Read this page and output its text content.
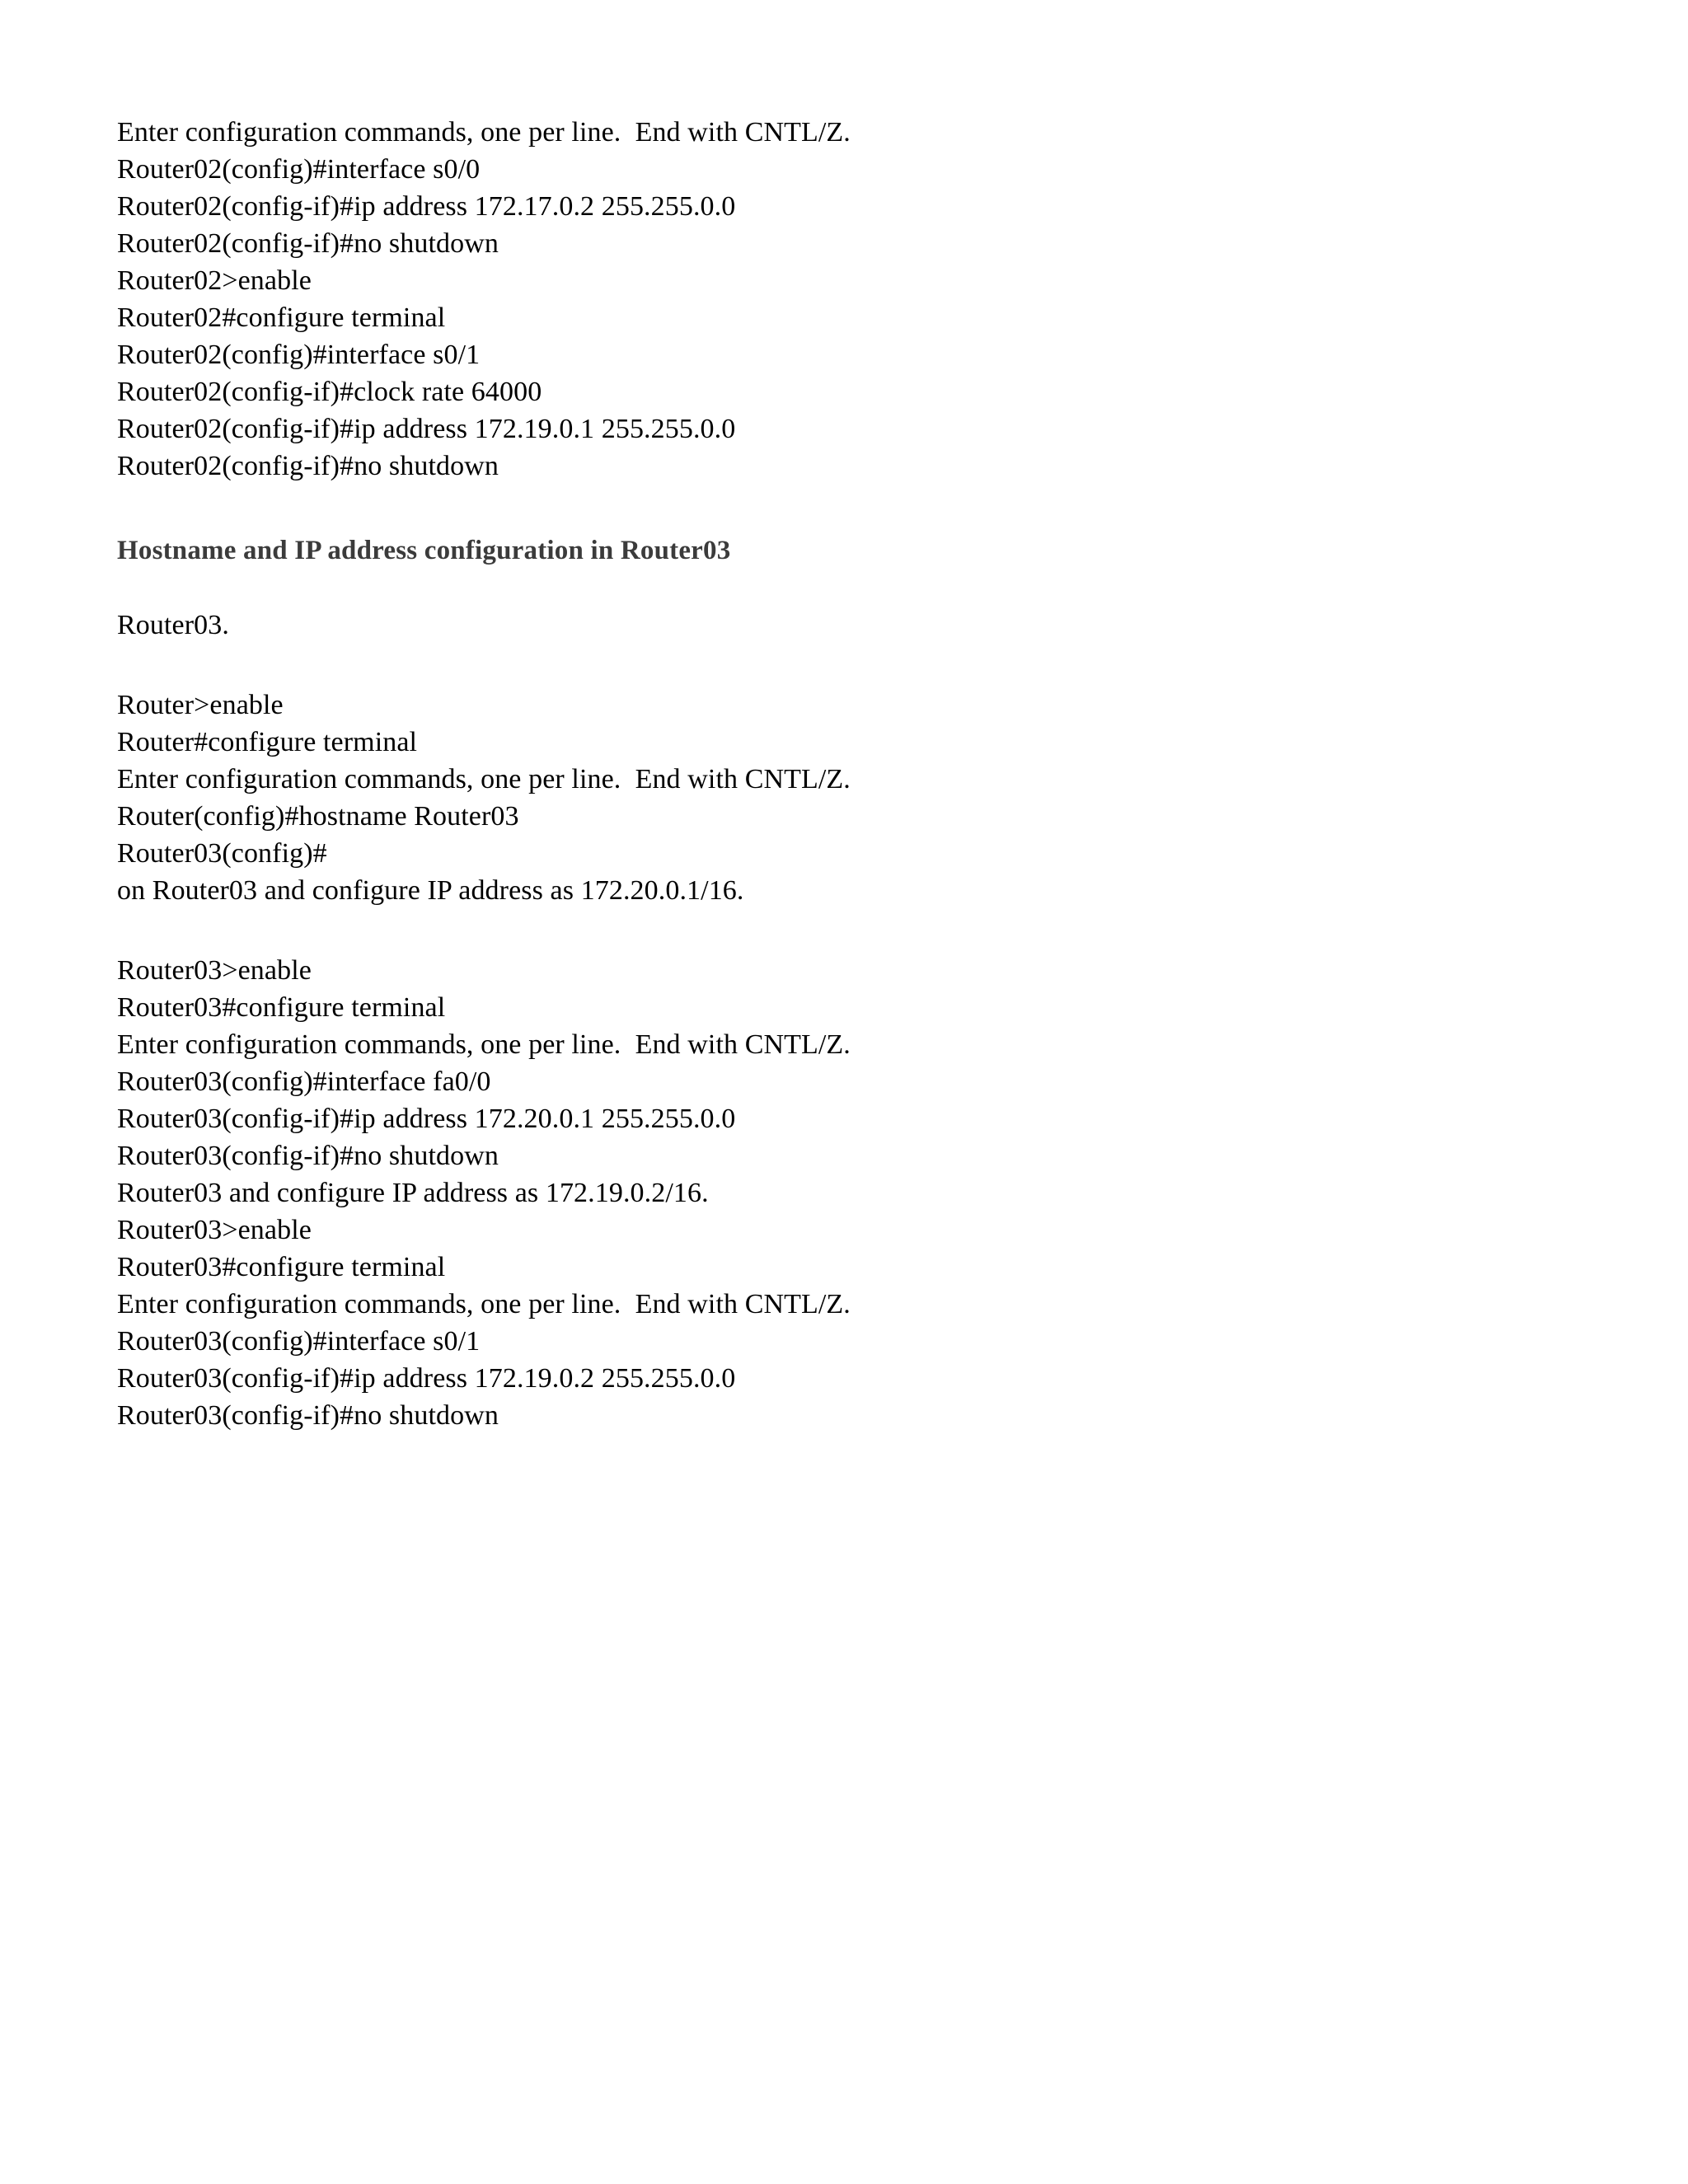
Enter configuration commands, one per line.  End with CNTL/Z.
Router02(config)#interface s0/0
Router02(config-if)#ip address 172.17.0.2 255.255.0.0
Router02(config-if)#no shutdown
Router02>enable
Router02#configure terminal
Router02(config)#interface s0/1
Router02(config-if)#clock rate 64000
Router02(config-if)#ip address 172.19.0.1 255.255.0.0
Router02(config-if)#no shutdown
Hostname and IP address configuration in Router03
Router03.
Router>enable
Router#configure terminal
Enter configuration commands, one per line.  End with CNTL/Z.
Router(config)#hostname Router03
Router03(config)#
on Router03 and configure IP address as 172.20.0.1/16.
Router03>enable
Router03#configure terminal
Enter configuration commands, one per line.  End with CNTL/Z.
Router03(config)#interface fa0/0
Router03(config-if)#ip address 172.20.0.1 255.255.0.0
Router03(config-if)#no shutdown
Router03 and configure IP address as 172.19.0.2/16.
Router03>enable
Router03#configure terminal
Enter configuration commands, one per line.  End with CNTL/Z.
Router03(config)#interface s0/1
Router03(config-if)#ip address 172.19.0.2 255.255.0.0
Router03(config-if)#no shutdown
